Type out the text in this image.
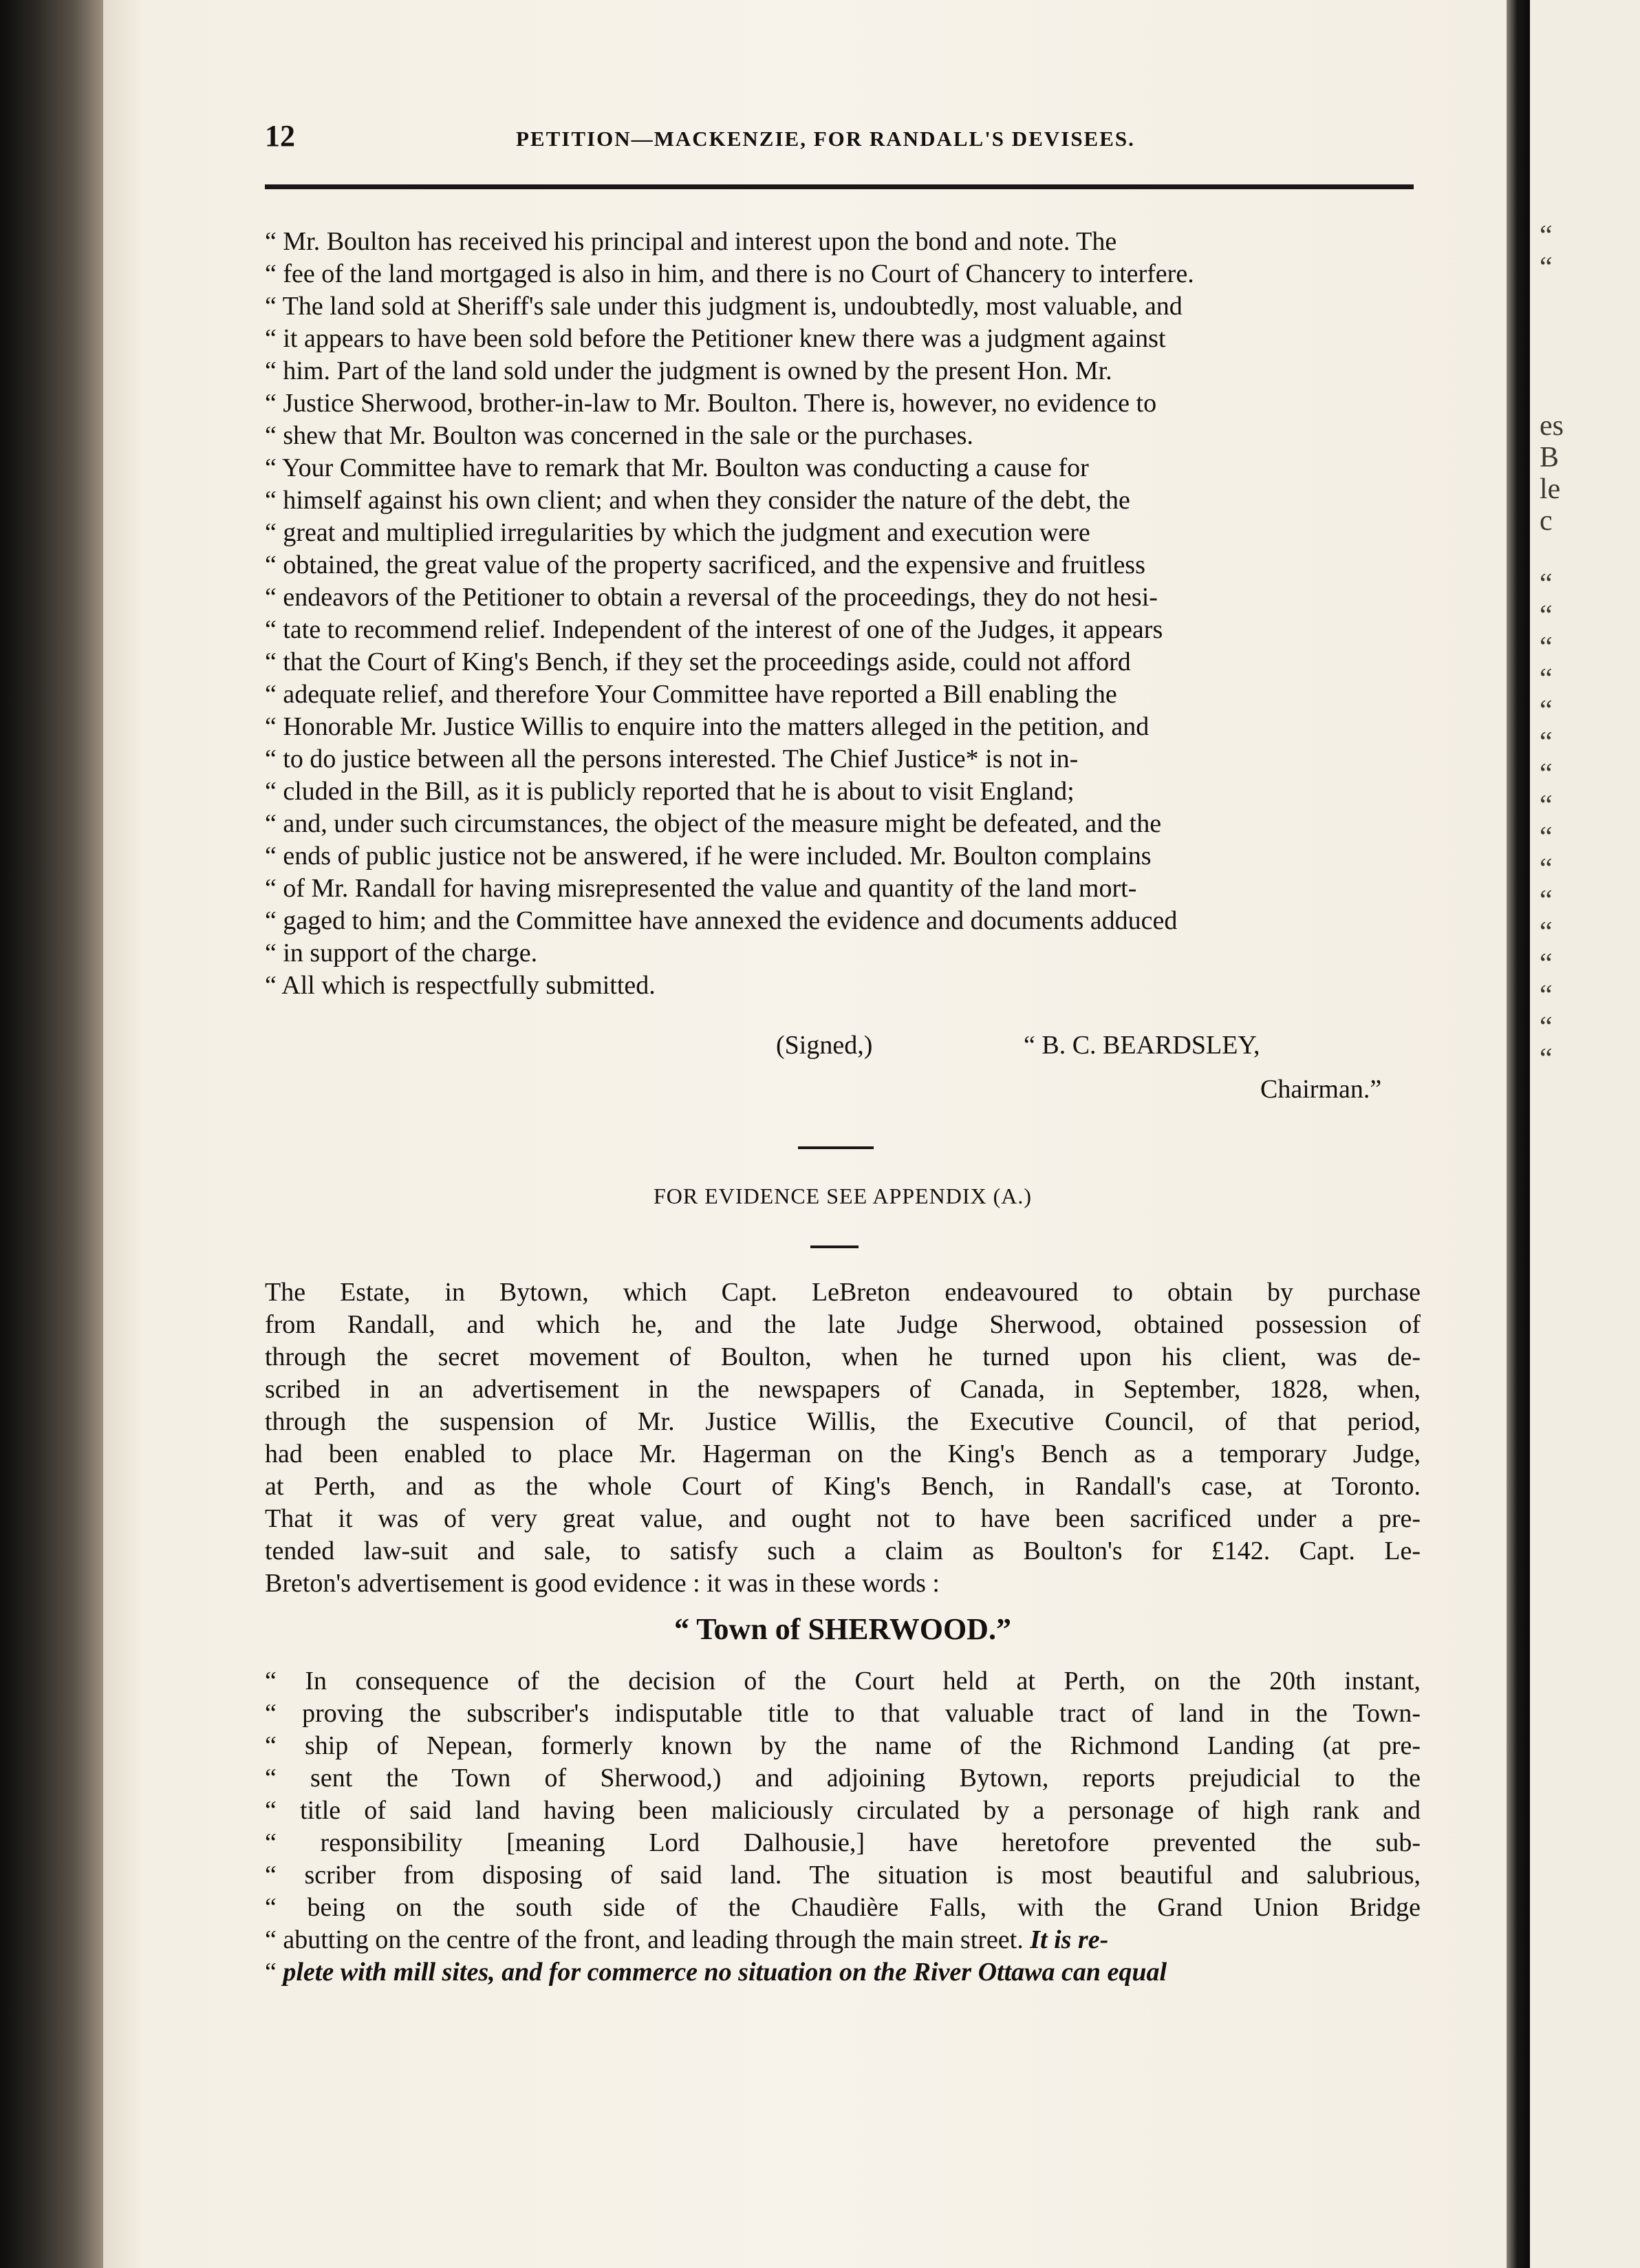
“
“

es
B
le
c

“
“
“
“
“
“
“
“
“
“
“
“
“
“
“
“
12	PETITION—MACKENZIE, FOR RANDALL'S DEVISEES.
“ Mr. Boulton has received his principal and interest upon the bond and note. The
“ fee of the land mortgaged is also in him, and there is no Court of Chancery to interfere.
“ The land sold at Sheriff's sale under this judgment is, undoubtedly, most valuable, and
“ it appears to have been sold before the Petitioner knew there was a judgment against
“ him. Part of the land sold under the judgment is owned by the present Hon. Mr.
“ Justice Sherwood, brother-in-law to Mr. Boulton. There is, however, no evidence to
“ shew that Mr. Boulton was concerned in the sale or the purchases.
“ Your Committee have to remark that Mr. Boulton was conducting a cause for
“ himself against his own client; and when they consider the nature of the debt, the
“ great and multiplied irregularities by which the judgment and execution were
“ obtained, the great value of the property sacrificed, and the expensive and fruitless
“ endeavors of the Petitioner to obtain a reversal of the proceedings, they do not hesi-
“ tate to recommend relief. Independent of the interest of one of the Judges, it appears
“ that the Court of King's Bench, if they set the proceedings aside, could not afford
“ adequate relief, and therefore Your Committee have reported a Bill enabling the
“ Honorable Mr. Justice Willis to enquire into the matters alleged in the petition, and
“ to do justice between all the persons interested. The Chief Justice* is not in-
“ cluded in the Bill, as it is publicly reported that he is about to visit England;
“ and, under such circumstances, the object of the measure might be defeated, and the
“ ends of public justice not be answered, if he were included. Mr. Boulton complains
“ of Mr. Randall for having misrepresented the value and quantity of the land mort-
“ gaged to him; and the Committee have annexed the evidence and documents adduced
“ in support of the charge.
“ All which is respectfully submitted.
(Signed,)	“ B. C. BEARDSLEY,
Chairman.”
FOR EVIDENCE SEE APPENDIX (A.)
The Estate, in Bytown, which Capt. LeBreton endeavoured to obtain by purchase
from Randall, and which he, and the late Judge Sherwood, obtained possession of
through the secret movement of Boulton, when he turned upon his client, was de-
scribed in an advertisement in the newspapers of Canada, in September, 1828, when,
through the suspension of Mr. Justice Willis, the Executive Council, of that period,
had been enabled to place Mr. Hagerman on the King's Bench as a temporary Judge,
at Perth, and as the whole Court of King's Bench, in Randall's case, at Toronto.
That it was of very great value, and ought not to have been sacrificed under a pre-
tended law-suit and sale, to satisfy such a claim as Boulton's for £142. Capt. Le-
Breton's advertisement is good evidence : it was in these words :
“ Town of SHERWOOD.”
“ In consequence of the decision of the Court held at Perth, on the 20th instant,
“ proving the subscriber's indisputable title to that valuable tract of land in the Town-
“ ship of Nepean, formerly known by the name of the Richmond Landing (at pre-
“ sent the Town of Sherwood,) and adjoining Bytown, reports prejudicial to the
“ title of said land having been maliciously circulated by a personage of high rank and
“ responsibility [meaning Lord Dalhousie,] have heretofore prevented the sub-
“ scriber from disposing of said land. The situation is most beautiful and salubrious,
“ being on the south side of the Chaudière Falls, with the Grand Union Bridge
“ abutting on the centre of the front, and leading through the main street. It is re-
“ plete with mill sites, and for commerce no situation on the River Ottawa can equal
